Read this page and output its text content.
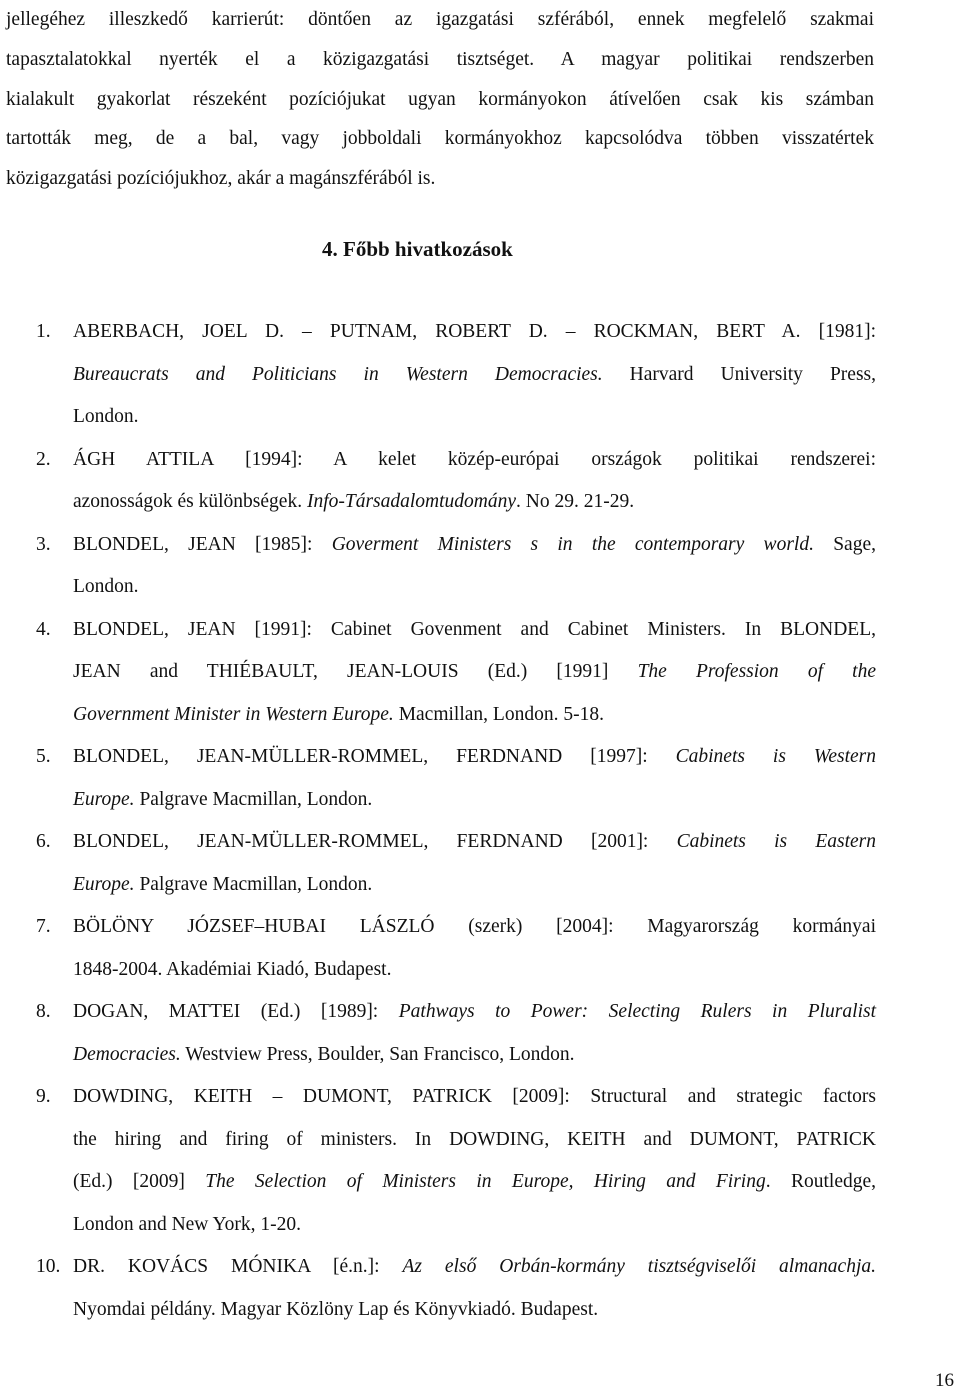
jellegéhez illeszkedő karrierút: döntően az igazgatási szférából, ennek megfelelő szakmai
tapasztalatokkal nyerték el a közigazgatási tisztséget. A magyar politikai rendszerben
kialakult gyakorlat részeként pozíciójukat ugyan kormányokon átívelően csak kis számban
tartották meg, de a bal, vagy jobboldali kormányokhoz kapcsolódva többen visszatértek
közigazgatási pozíciójukhoz, akár a magánszférából is.
4. Főbb hivatkozások
1.	ABERBACH, JOEL D. – PUTNAM, ROBERT D. – ROCKMAN, BERT A. [1981]:
Bureaucrats and Politicians in Western Democracies. Harvard University Press,
London.
2.	ÁGH ATTILA [1994]: A kelet közép-európai országok politikai rendszerei:
azonosságok és különbségek. Info-Társadalomtudomány. No 29. 21-29.
3.	BLONDEL, JEAN [1985]: Goverment Ministers s in the contemporary world. Sage,
London.
4.	BLONDEL, JEAN [1991]: Cabinet Govenment and Cabinet Ministers. In BLONDEL,
JEAN and THIÉBAULT, JEAN-LOUIS (Ed.) [1991] The Profession of the
Government Minister in Western Europe. Macmillan, London. 5-18.
5.	BLONDEL, JEAN-MÜLLER-ROMMEL, FERDNAND [1997]: Cabinets is Western
Europe. Palgrave Macmillan, London.
6.	BLONDEL, JEAN-MÜLLER-ROMMEL, FERDNAND [2001]: Cabinets is Eastern
Europe. Palgrave Macmillan, London.
7.	BÖLÖNY JÓZSEF–HUBAI LÁSZLÓ (szerk) [2004]: Magyarország kormányai
1848-2004. Akadémiai Kiadó, Budapest.
8.	DOGAN, MATTEI (Ed.) [1989]: Pathways to Power: Selecting Rulers in Pluralist
Democracies. Westview Press, Boulder, San Francisco, London.
9.	DOWDING, KEITH – DUMONT, PATRICK [2009]: Structural and strategic factors
the hiring and firing of ministers. In DOWDING, KEITH and DUMONT, PATRICK
(Ed.) [2009] The Selection of Ministers in Europe, Hiring and Firing. Routledge,
London and New York, 1-20.
10. DR. KOVÁCS MÓNIKA [é.n.]: Az első Orbán-kormány tisztségviselői almanachja.
Nyomdai példány. Magyar Közlöny Lap és Könyvkiadó. Budapest.
16
